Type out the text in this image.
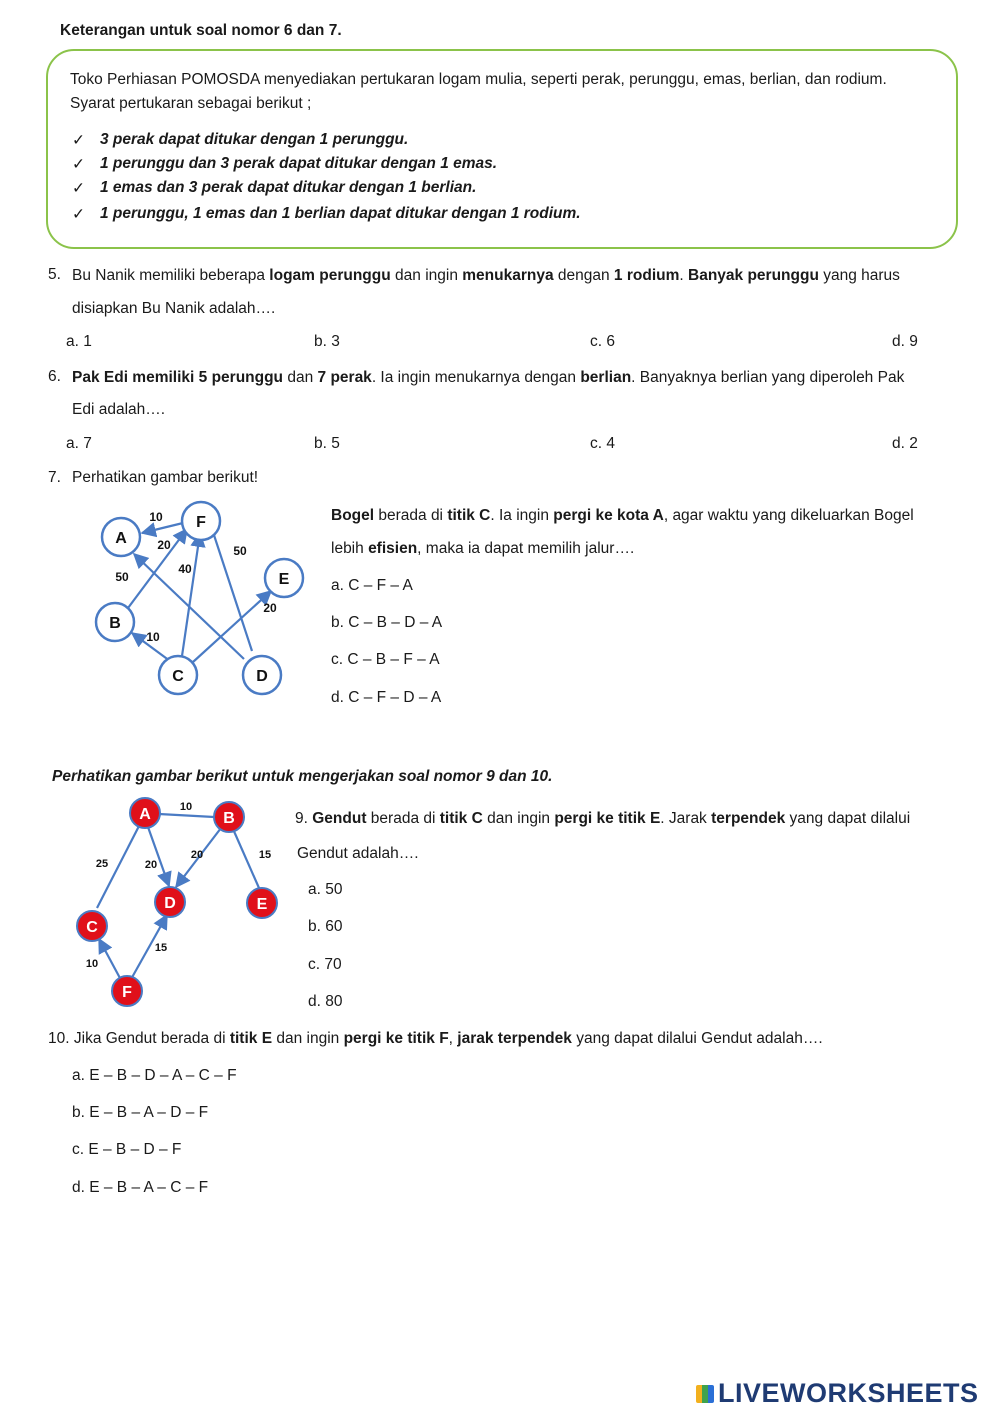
Keterangan untuk soal nomor 6 dan 7.
Toko Perhiasan POMOSDA menyediakan pertukaran logam mulia, seperti perak, perunggu, emas, berlian, dan rodium. Syarat pertukaran sebagai berikut ;
✓ 3 perak dapat ditukar dengan 1 perunggu.
✓ 1 perunggu dan 3 perak dapat ditukar dengan 1 emas.
✓ 1 emas dan 3 perak dapat ditukar dengan 1 berlian.
✓ 1 perunggu, 1 emas dan 1 berlian dapat ditukar dengan 1 rodium.
5. Bu Nanik memiliki beberapa logam perunggu dan ingin menukarnya dengan 1 rodium. Banyak perunggu yang harus
disiapkan Bu Nanik adalah….
a. 1	b. 3	c. 6	d. 9
6. Pak Edi memiliki 5 perunggu dan 7 perak. Ia ingin menukarnya dengan berlian. Banyaknya berlian yang diperoleh Pak
Edi adalah….
a. 7	b. 5	c. 4	d. 2
7. Perhatikan gambar berikut!
A
F
B
E
C	D
10
20	50
50
40
20
10
Bogel berada di titik C. Ia ingin pergi ke kota A, agar waktu yang dikeluarkan Bogel
lebih efisien, maka ia dapat memilih jalur….
a. C – F – A
b. C – B – D – A
c. C – B – F – A
d. C – F – D – A
Perhatikan gambar berikut untuk mengerjakan soal nomor 9 dan 10.
A	B
C
D	E
F
10
25	20
20	15
15
10
9. Gendut berada di titik C dan ingin pergi ke titik E. Jarak terpendek yang dapat dilalui
Gendut adalah….
a. 50
b. 60
c. 70
d. 80
10. Jika Gendut berada di titik E dan ingin pergi ke titik F, jarak terpendek yang dapat dilalui Gendut adalah….
a. E – B – D – A – C – F
b. E – B – A – D – F
c. E – B – D – F
d. E – B – A – C – F
LIVEWORKSHEETS
